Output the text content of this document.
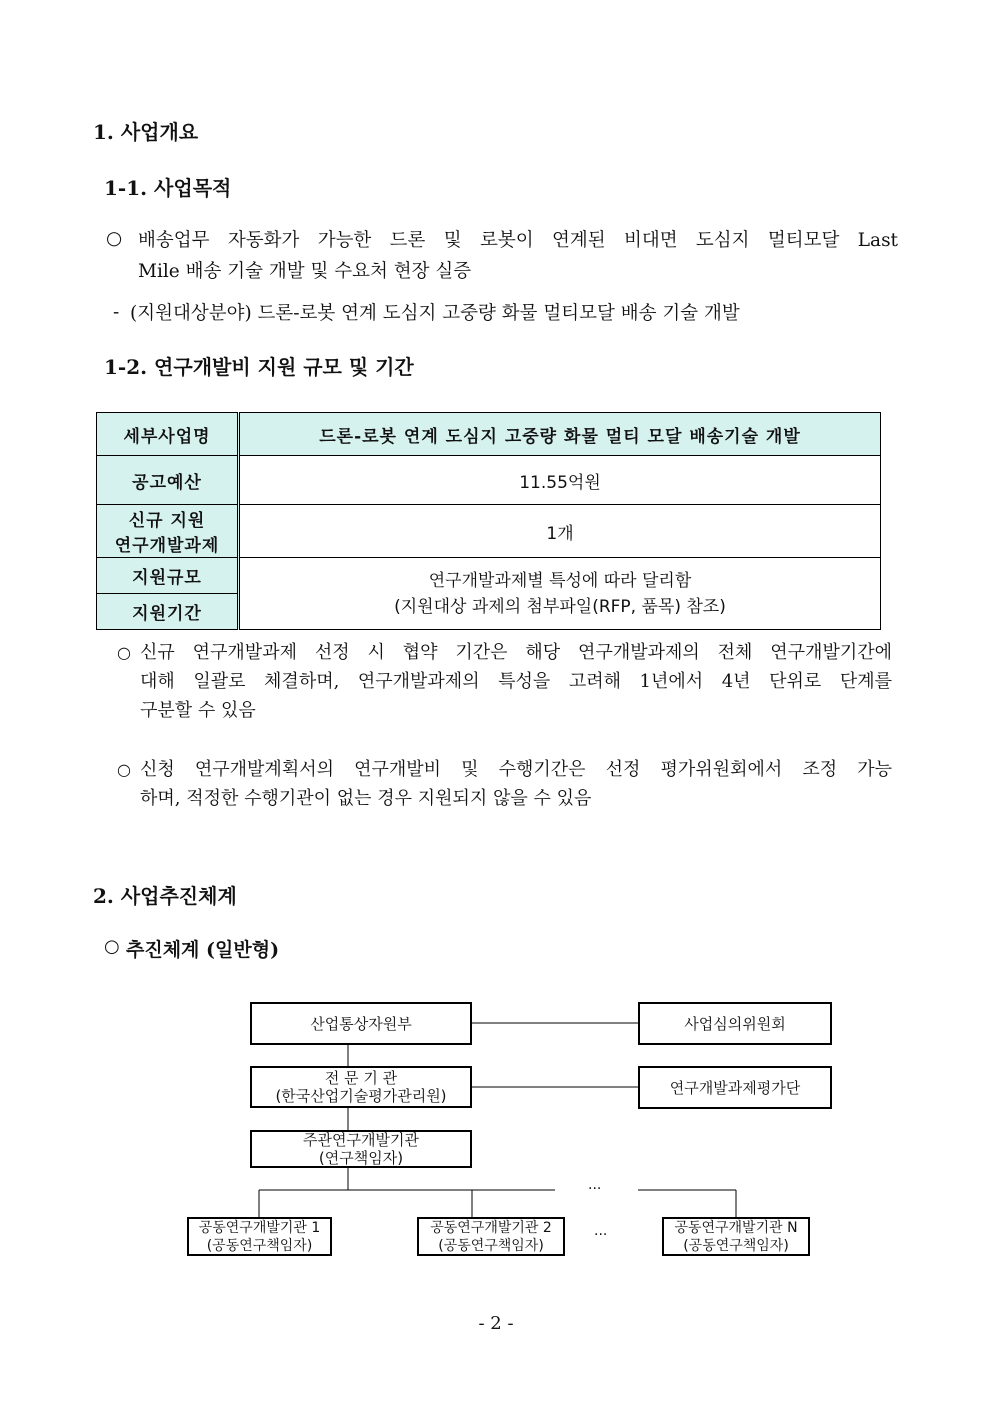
1. 사업개요
1-1. 사업목적
○ 배송업무 자동화가 가능한 드론 및 로봇이 연계된 비대면 도심지 멀티모달 Last
Mile 배송 기술 개발 및 수요처 현장 실증
- (지원대상분야) 드론-로봇 연계 도심지 고중량 화물 멀티모달 배송 기술 개발
1-2. 연구개발비 지원 규모 및 기간
세부사업명	드론-로봇 연계 도심지 고중량 화물 멀티 모달 배송기술 개발
공고예산	11.55억원

신규 지원
연구개발과제	1개
지원규모	연구개발과제별 특성에 따라 달리함
(지원대상 과제의 첨부파일(RFP, 품목) 참조)

지원기간	
○ 신규 연구개발과제 선정 시 협약 기간은 해당 연구개발과제의 전체 연구개발기간에
대해 일괄로 체결하며, 연구개발과제의 특성을 고려해 1년에서 4년 단위로 단계를
구분할 수 있음
○ 신청 연구개발계획서의 연구개발비 및 수행기간은 선정 평가위원회에서 조정 가능
하며, 적정한 수행기관이 없는 경우 지원되지 않을 수 있음
2. 사업추진체계
○ 추진체계 (일반형)
산업통상자원부	사업심의위원회
전 문 기 관
(한국산업기술평가관리원)	연구개발과제평가단
주관연구개발기관
(연구책임자)
공동연구개발기관 1
(공동연구책임자)
공동연구개발기관 2
(공동연구책임자)
공동연구개발기관 N
(공동연구책임자)
···
···
- 2 -
